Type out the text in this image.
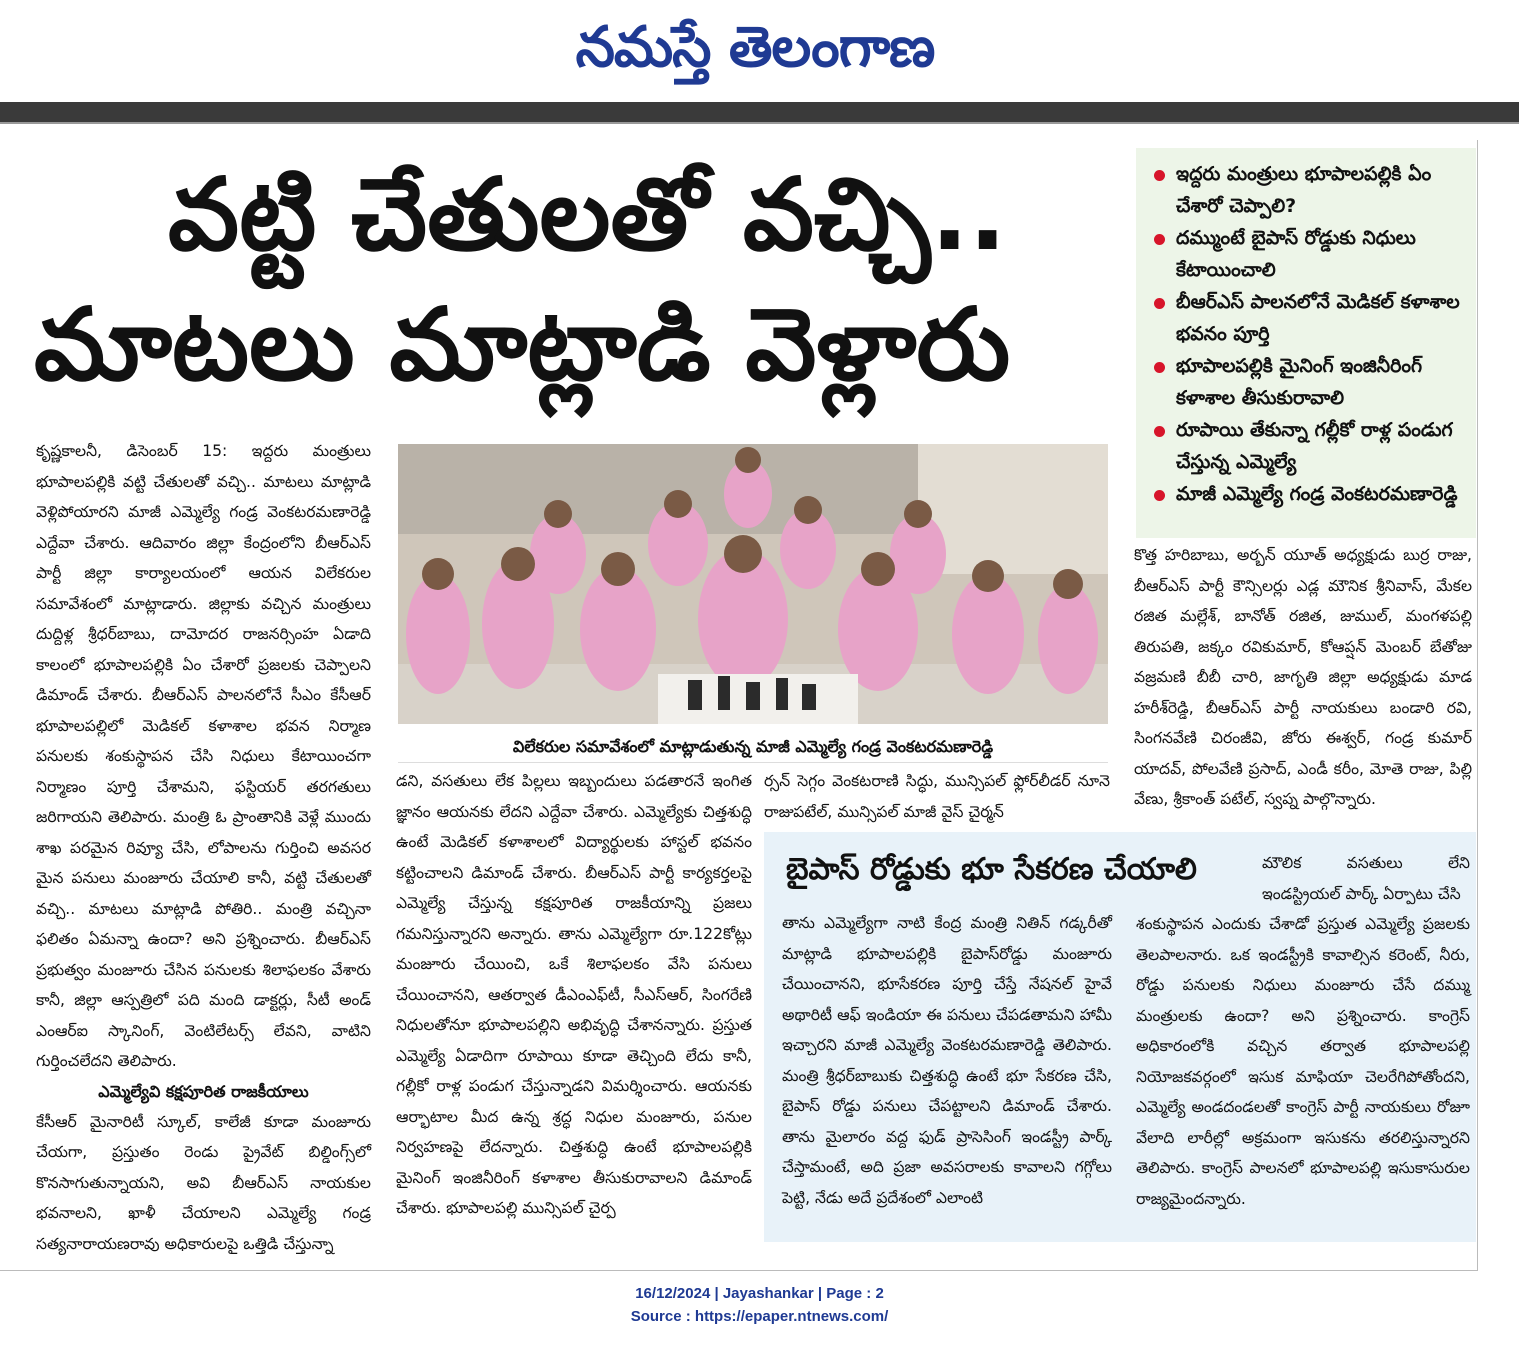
నమస్తే తెలంగాణ
వట్టి చేతులతో వచ్చి..
మాటలు మాట్లాడి వెళ్లారు
ఇద్దరు మంత్రులు భూపాలపల్లికి ఏం చేశారో చెప్పాలి?
దమ్ముంటే బైపాస్ రోడ్డుకు నిధులు కేటాయించాలి
బీఆర్ఎస్ పాలనలోనే మెడికల్ కళాశాల భవనం పూర్తి
భూపాలపల్లికి మైనింగ్ ఇంజినీరింగ్ కళాశాల తీసుకురావాలి
రూపాయి తేకున్నా గల్లీకో రాళ్ల పండుగ చేస్తున్న ఎమ్మెల్యే
మాజీ ఎమ్మెల్యే గండ్ర వెంకటరమణారెడ్డి

కృష్ణకాలనీ, డిసెంబర్ 15: ఇద్దరు మంత్రులు భూపాలపల్లికి వట్టి చేతులతో వచ్చి.. మాటలు మాట్లాడి వెళ్లిపోయారని మాజీ ఎమ్మెల్యే గండ్ర వెంకటరమణారెడ్డి ఎద్దేవా చేశారు. ఆదివారం జిల్లా కేంద్రంలోని బీఆర్ఎస్ పార్టీ జిల్లా కార్యాలయంలో ఆయన విలేకరుల సమావేశంలో మాట్లాడారు. జిల్లాకు వచ్చిన మంత్రులు దుద్దిళ్ల శ్రీధర్‌బాబు, దామోదర రాజనర్సింహ ఏడాది కాలంలో భూపాలపల్లికి ఏం చేశారో ప్రజలకు చెప్పాలని డిమాండ్ చేశారు. బీఆర్ఎస్ పాలనలోనే సీఎం కేసీఆర్ భూపాలపల్లిలో మెడికల్ కళాశాల భవన నిర్మాణ పనులకు శంకుస్థాపన చేసి నిధులు కేటాయించగా నిర్మాణం పూర్తి చేశామని, ఫస్టియర్ తరగతులు జరిగాయని తెలిపారు. మంత్రి ఓ ప్రాంతానికి వెళ్లే ముందు శాఖ పరమైన రివ్యూ చేసి, లోపాలను గుర్తించి అవసర మైన పనులు మంజూరు చేయాలి కానీ, వట్టి చేతులతో వచ్చి.. మాటలు మాట్లాడి పోతిరి.. మంత్రి వచ్చినా ఫలితం ఏమన్నా ఉందా? అని ప్రశ్నించారు. బీఆర్ఎస్ ప్రభుత్వం మంజూరు చేసిన పనులకు శిలాఫలకం వేశారు కానీ, జిల్లా ఆస్పత్రిలో పది మంది డాక్టర్లు, సీటీ అండ్ ఎంఆర్ఐ స్కానింగ్, వెంటిలేటర్స్ లేవని, వాటిని గుర్తించలేదని తెలిపారు.

ఎమ్మెల్యేవి కక్షపూరిత రాజకీయాలు

కేసీఆర్ మైనారిటీ స్కూల్, కాలేజీ కూడా మంజూరు చేయగా, ప్రస్తుతం రెండు ప్రైవేట్ బిల్డింగ్స్‌లో కొనసాగుతున్నాయని, అవి బీఆర్ఎస్ నాయకుల భవనాలని, ఖాళీ చేయాలని ఎమ్మెల్యే గండ్ర సత్యనారాయణరావు అధికారులపై ఒత్తిడి చేస్తున్నా

విలేకరుల సమావేశంలో మాట్లాడుతున్న మాజీ ఎమ్మెల్యే గండ్ర వెంకటరమణారెడ్డి

డని, వసతులు లేక పిల్లలు ఇబ్బందులు పడతారనే ఇంగిత జ్ఞానం ఆయనకు లేదని ఎద్దేవా చేశారు. ఎమ్మెల్యేకు చిత్తశుద్ధి ఉంటే మెడికల్ కళాశాలలో విద్యార్థులకు హాస్టల్ భవనం కట్టించాలని డిమాండ్ చేశారు. బీఆర్ఎస్ పార్టీ కార్యకర్తలపై ఎమ్మెల్యే చేస్తున్న కక్షపూరిత రాజకీయాన్ని ప్రజలు గమనిస్తున్నారని అన్నారు. తాను ఎమ్మెల్యేగా రూ.122కోట్లు మంజూరు చేయించి, ఒకే శిలాఫలకం వేసి పనులు చేయించానని, ఆతర్వాత డీఎంఎఫ్‌టీ, సీఎస్ఆర్, సింగరేణి నిధులతోనూ భూపాలపల్లిని అభివృద్ధి చేశానన్నారు. ప్రస్తుత ఎమ్మెల్యే ఏడాదిగా రూపాయి కూడా తెచ్చింది లేదు కానీ, గల్లీకో రాళ్ల పండుగ చేస్తున్నాడని విమర్శించారు. ఆయనకు ఆర్భాటాల మీద ఉన్న శ్రద్ధ నిధుల మంజూరు, పనుల నిర్వహణపై లేదన్నారు. చిత్తశుద్ధి ఉంటే భూపాలపల్లికి మైనింగ్ ఇంజినీరింగ్ కళాశాల తీసుకురావాలని డిమాండ్ చేశారు. భూపాలపల్లి మున్సిపల్ చైర్ప

ర్సన్ సెగ్గం వెంకటరాణి సిద్ధు, మున్సిపల్ ఫ్లోర్‌లీడర్ నూనె రాజుపటేల్, మున్సిపల్ మాజీ వైస్ చైర్మన్

కొత్త హరిబాబు, అర్బన్ యూత్ అధ్యక్షుడు బుర్ర రాజు, బీఆర్ఎస్ పార్టీ కౌన్సిలర్లు ఎడ్ల మౌనిక శ్రీనివాస్, మేకల రజిత మల్లేశ్, బానోత్ రజిత, జుముల్, మంగళపల్లి తిరుపతి, జక్కం రవికుమార్, కోఆప్షన్ మెంబర్ బేతోజు వజ్రమణి బీబీ చారి, జాగృతి జిల్లా అధ్యక్షుడు మాడ హరీశ్‌రెడ్డి, బీఆర్ఎస్ పార్టీ నాయకులు బండారి రవి, సింగనవేణి చిరంజీవి, జోరు ఈశ్వర్, గండ్ర కుమార్ యాదవ్, పోలవేణి ప్రసాద్, ఎండీ కరీం, మోతె రాజు, పిల్లి వేణు, శ్రీకాంత్ పటేల్, స్వప్న పాల్గొన్నారు.

బైపాస్ రోడ్డుకు భూ సేకరణ చేయాలి

తాను ఎమ్మెల్యేగా నాటి కేంద్ర మంత్రి నితిన్ గడ్కరీతో మాట్లాడి భూపాలపల్లికి బైపాస్‌రోడ్డు మంజూరు చేయించానని, భూసేకరణ పూర్తి చేస్తే నేషనల్ హైవే అథారిటీ ఆఫ్ ఇండియా ఈ పనులు చేపడతామని హామీ ఇచ్చారని మాజీ ఎమ్మెల్యే వెంకటరమణారెడ్డి తెలిపారు. మంత్రి శ్రీధర్‌బాబుకు చిత్తశుద్ధి ఉంటే భూ సేకరణ చేసి, బైపాస్ రోడ్డు పనులు చేపట్టాలని డిమాండ్ చేశారు. తాను మైలారం వద్ద ఫుడ్ ప్రాసెసింగ్ ఇండస్ట్రీ పార్క్ చేస్తామంటే, అది ప్రజా అవసరాలకు కావాలని గగ్గోలు పెట్టి, నేడు అదే ప్రదేశంలో ఎలాంటి

మౌలిక వసతులు లేని ఇండస్ట్రియల్ పార్క్ ఏర్పాటు చేసి

శంకుస్థాపన ఎందుకు చేశాడో ప్రస్తుత ఎమ్మెల్యే ప్రజలకు తెలపాలనారు. ఒక ఇండస్ట్రీకి కావాల్సిన కరెంట్, నీరు, రోడ్డు పనులకు నిధులు మంజూరు చేసే దమ్ము మంత్రులకు ఉందా? అని ప్రశ్నించారు. కాంగ్రెస్ అధికారంలోకి వచ్చిన తర్వాత భూపాలపల్లి నియోజకవర్గంలో ఇసుక మాఫియా చెలరేగిపోతోందని, ఎమ్మెల్యే అండదండలతో కాంగ్రెస్ పార్టీ నాయకులు రోజూ వేలాది లారీల్లో అక్రమంగా ఇసుకను తరలిస్తున్నారని తెలిపారు. కాంగ్రెస్ పాలనలో భూపాలపల్లి ఇసుకాసురుల రాజ్యమైందన్నారు.

16/12/2024 | Jayashankar | Page : 2
Source : https://epaper.ntnews.com/
